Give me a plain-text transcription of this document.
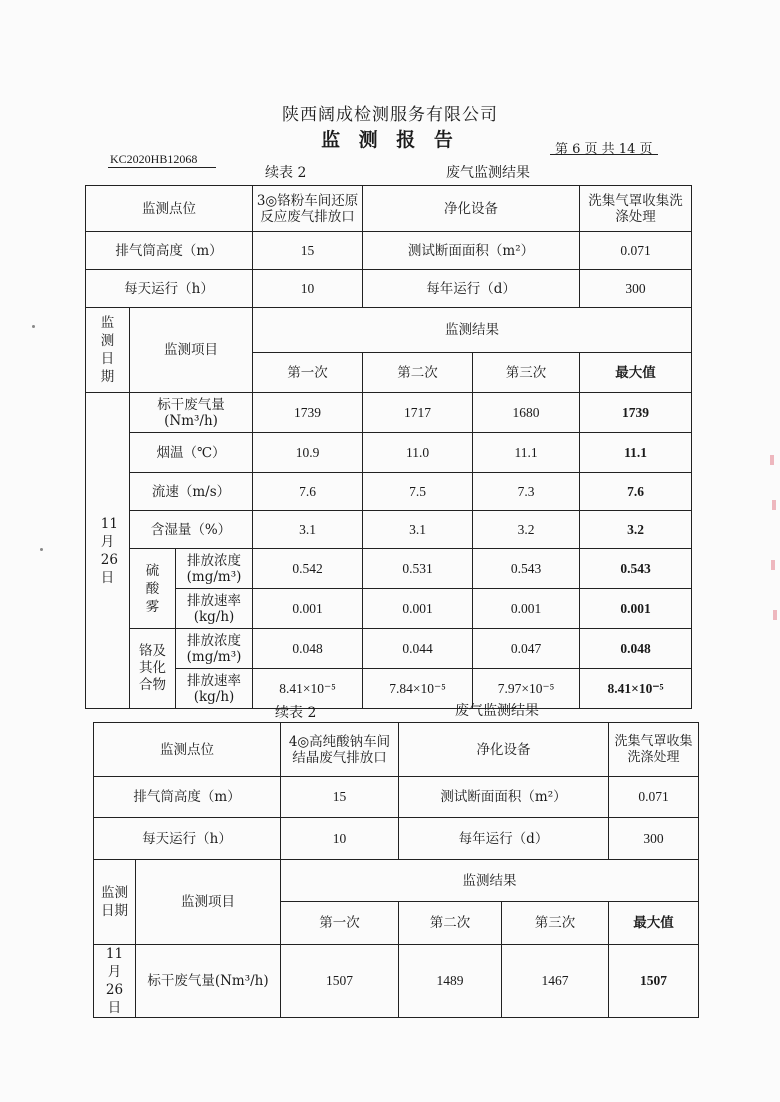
陕西阔成检测服务有限公司
监 测 报 告	第 6 页 共 14 页
KC2020HB12068
续表 2	废气监测结果
监测点位			3◎铬粉车间还原反应废气排放口	净化设备		洗集气罩收集洗涤处理
排气筒高度（m）			15	测试断面面积（m²）		0.071
每天运行（h）			10	每年运行（d）		300

监测日期	监测项目		监测结果			
			第一次	第二次	第三次	最大值

11月26日	标干废气量(Nm³/h)		1739	1717	1680	1739
	烟温（℃）		10.9	11.0	11.1	11.1
	流速（m/s）		7.6	7.5	7.3	7.6
	含湿量（%）		3.1	3.1	3.2	3.2

	硫酸雾	排放浓度(mg/m³)	0.542	0.531	0.543	0.543
		排放速率(kg/h)	0.001	0.001	0.001	0.001

	铬及其化合物	排放浓度(mg/m³)	0.048	0.044	0.047	0.048
		排放速率(kg/h)	8.41×10⁻⁵	7.84×10⁻⁵	7.97×10⁻⁵	8.41×10⁻⁵
续表 2	废气监测结果
监测点位		4◎高纯酸钠车间结晶废气排放口	净化设备		洗集气罩收集洗涤处理
排气筒高度（m）		15	测试断面面积（m²）		0.071
每天运行（h）		10	每年运行（d）		300

监测日期	监测项目	监测结果			
		第一次	第二次	第三次	最大值

11月26日	标干废气量(Nm³/h)	1507	1489	1467	1507
